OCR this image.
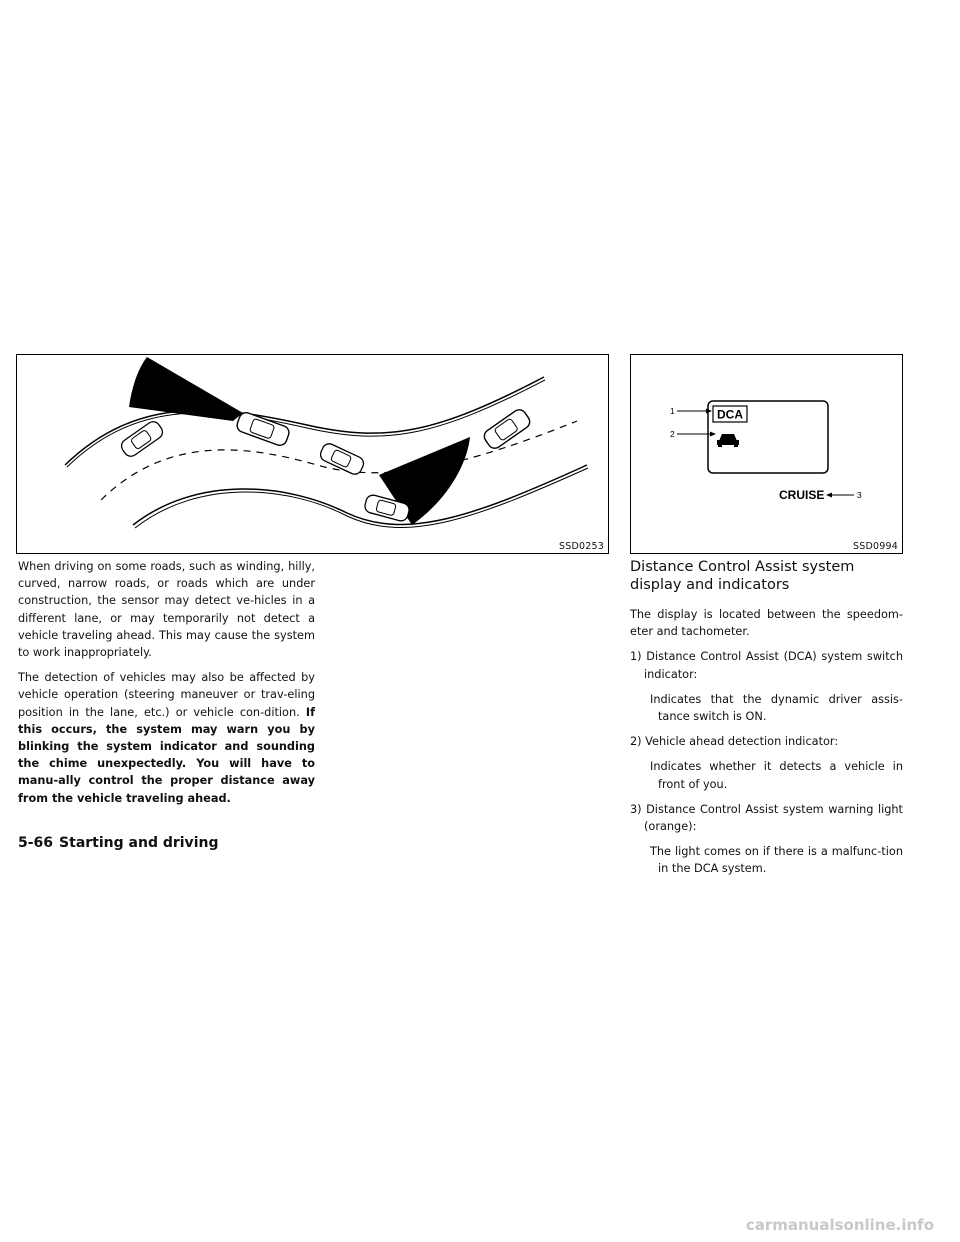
SSD0253
DCA
1
2
CRUISE	3
SSD0994

When driving on some roads, such as winding, hilly, curved, narrow roads, or roads which are under construction, the sensor may detect ve-hicles in a different lane, or may temporarily not detect a vehicle traveling ahead. This may cause the system to work inappropriately.

The detection of vehicles may also be affected by vehicle operation (steering maneuver or trav-eling position in the lane, etc.) or vehicle con-dition. If this occurs, the system may warn you by blinking the system indicator and sounding the chime unexpectedly. You will have to manu-ally control the proper distance away from the vehicle traveling ahead.

Distance Control Assist system display and indicators

The display is located between the speedom-eter and tachometer.

1) Distance Control Assist (DCA) system switch indicator:

Indicates that the dynamic driver assis-tance switch is ON.

2) Vehicle ahead detection indicator:

Indicates whether it detects a vehicle in front of you.

3) Distance Control Assist system warning light (orange):

The light comes on if there is a malfunc-tion in the DCA system.

5-66 Starting and driving
carmanualsonline.info
